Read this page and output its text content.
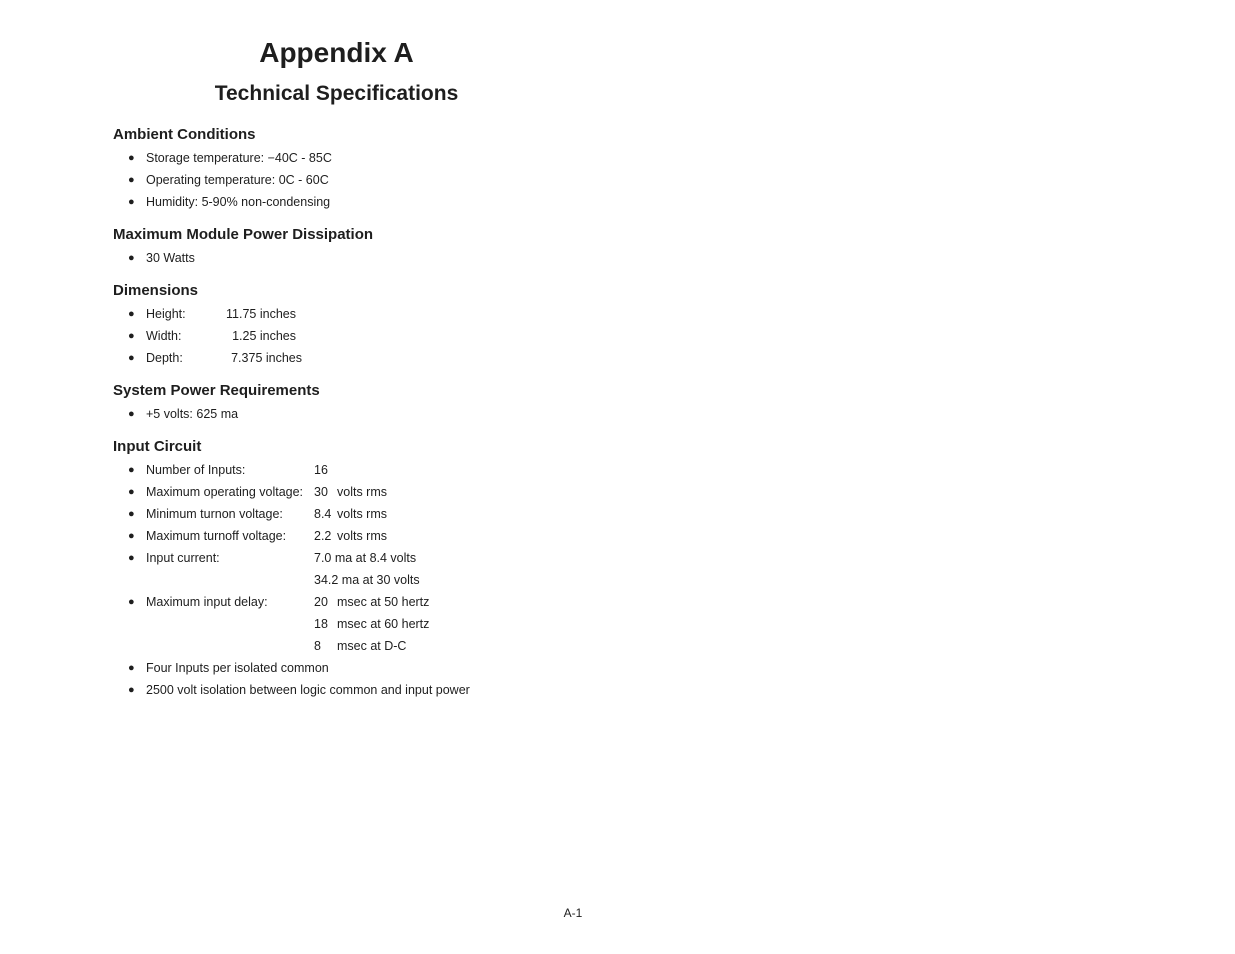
Appendix A
Technical Specifications
Ambient Conditions
● Storage temperature: −40C - 85C
● Operating temperature: 0C - 60C
● Humidity: 5-90% non-condensing
Maximum Module Power Dissipation
● 30 Watts
Dimensions
● Height:	11.75 inches
● Width:	1.25 inches
● Depth:	7.375 inches
System Power Requirements
● +5 volts: 625 ma
Input Circuit
● Number of Inputs:	16
● Maximum operating voltage: 30 volts rms
● Minimum turnon voltage: 8.4 volts rms
● Maximum turnoff voltage: 2.2 volts rms
● Input current:	7.0 ma at 8.4 volts
34.2 ma at 30 volts
● Maximum input delay:	20 msec at 50 hertz
18 msec at 60 hertz
8 msec at D-C
● Four Inputs per isolated common
● 2500 volt isolation between logic common and input power
A-1
